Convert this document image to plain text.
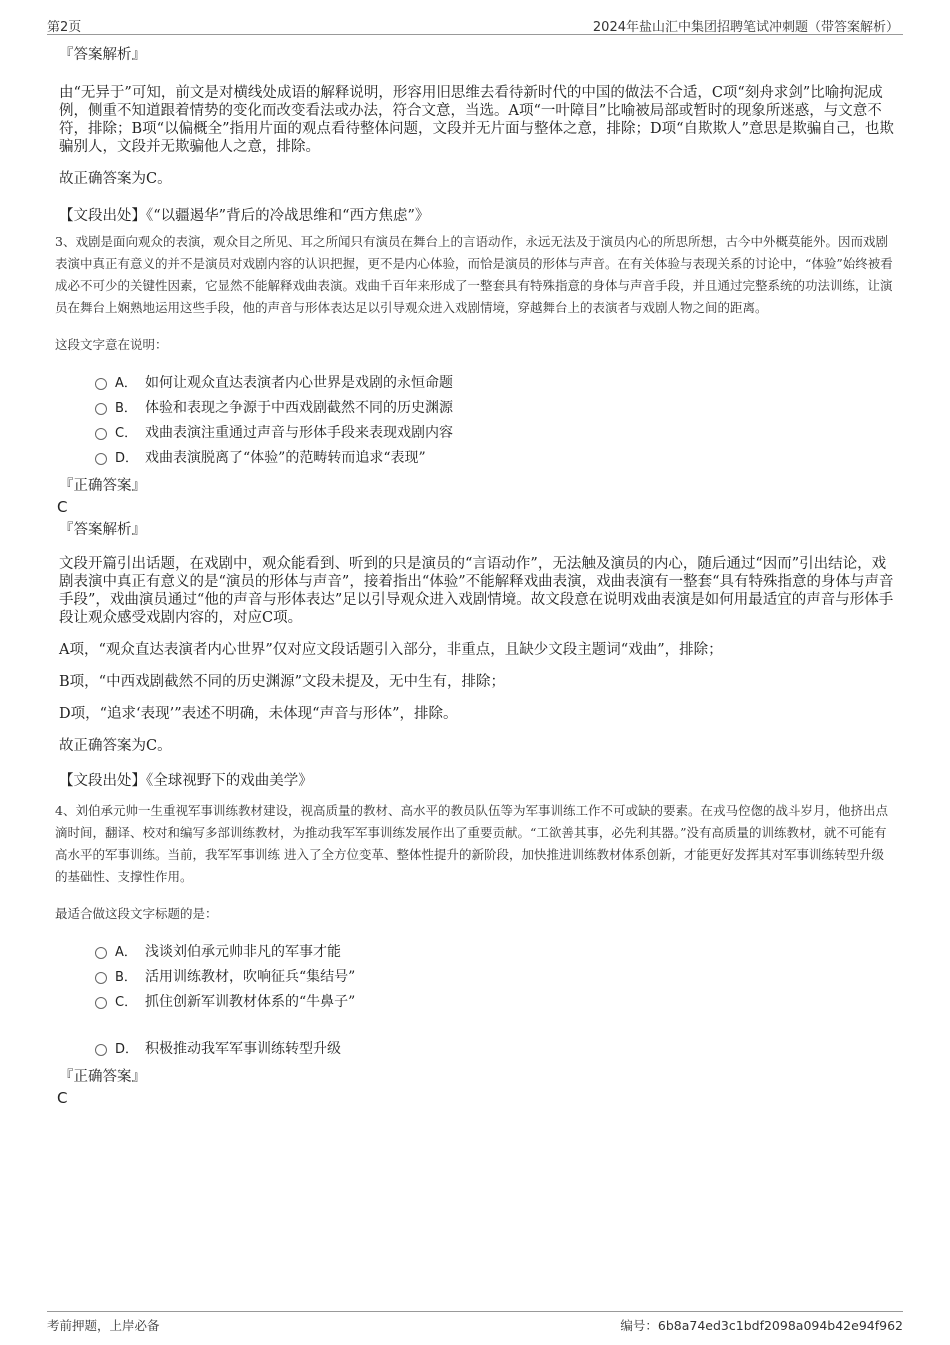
第2页	2024年盐山汇中集团招聘笔试冲刺题（带答案解析）
『答案解析』
由“无异于”可知，前文是对横线处成语的解释说明，形容用旧思维去看待新时代的中国的做法不合适，C项“刻舟求剑”比喻拘泥成例，侧重不知道跟着情势的变化而改变看法或办法，符合文意，当选。A项“一叶障目”比喻被局部或暂时的现象所迷惑，与文意不符，排除；B项“以偏概全”指用片面的观点看待整体问题，文段并无片面与整体之意，排除；D项“自欺欺人”意思是欺骗自己，也欺骗别人，文段并无欺骗他人之意，排除。
故正确答案为C。
【文段出处】《“以疆遏华”背后的冷战思维和“西方焦虑”》
3、戏剧是面向观众的表演，观众目之所见、耳之所闻只有演员在舞台上的言语动作，永远无法及于演员内心的所思所想，古今中外概莫能外。因而戏剧表演中真正有意义的并不是演员对戏剧内容的认识把握，更不是内心体验，而恰是演员的形体与声音。在有关体验与表现关系的讨论中，“体验”始终被看成必不可少的关键性因素，它显然不能解释戏曲表演。戏曲千百年来形成了一整套具有特殊指意的身体与声音手段，并且通过完整系统的功法训练，让演员在舞台上娴熟地运用这些手段，他的声音与形体表达足以引导观众进入戏剧情境，穿越舞台上的表演者与戏剧人物之间的距离。
这段文字意在说明：
A． 如何让观众直达表演者内心世界是戏剧的永恒命题
B． 体验和表现之争源于中西戏剧截然不同的历史渊源
C． 戏曲表演注重通过声音与形体手段来表现戏剧内容
D． 戏曲表演脱离了“体验”的范畴转而追求“表现”
『正确答案』
C
『答案解析』
文段开篇引出话题，在戏剧中，观众能看到、听到的只是演员的“言语动作”，无法触及演员的内心，随后通过“因而”引出结论，戏剧表演中真正有意义的是“演员的形体与声音”，接着指出“体验”不能解释戏曲表演，戏曲表演有一整套“具有特殊指意的身体与声音手段”，戏曲演员通过“他的声音与形体表达”足以引导观众进入戏剧情境。故文段意在说明戏曲表演是如何用最适宜的声音与形体手段让观众感受戏剧内容的，对应C项。
A项，“观众直达表演者内心世界”仅对应文段话题引入部分，非重点，且缺少文段主题词“戏曲”，排除；
B项，“中西戏剧截然不同的历史渊源”文段未提及，无中生有，排除；
D项，“追求‘表现’”表述不明确，未体现“声音与形体”，排除。
故正确答案为C。
【文段出处】《全球视野下的戏曲美学》
4、刘伯承元帅一生重视军事训练教材建设，视高质量的教材、高水平的教员队伍等为军事训练工作不可或缺的要素。在戎马倥偬的战斗岁月，他挤出点滴时间，翻译、校对和编写多部训练教材，为推动我军军事训练发展作出了重要贡献。“工欲善其事，必先利其器。”没有高质量的训练教材，就不可能有高水平的军事训练。当前，我军军事训练 进入了全方位变革、整体性提升的新阶段，加快推进训练教材体系创新，才能更好发挥其对军事训练转型升级的基础性、支撑性作用。
最适合做这段文字标题的是：
A． 浅谈刘伯承元帅非凡的军事才能
B． 活用训练教材，吹响征兵“集结号”
C． 抓住创新军训教材体系的“牛鼻子”
D． 积极推动我军军事训练转型升级
『正确答案』
C
考前押题，上岸必备	编号：6b8a74ed3c1bdf2098a094b42e94f962
